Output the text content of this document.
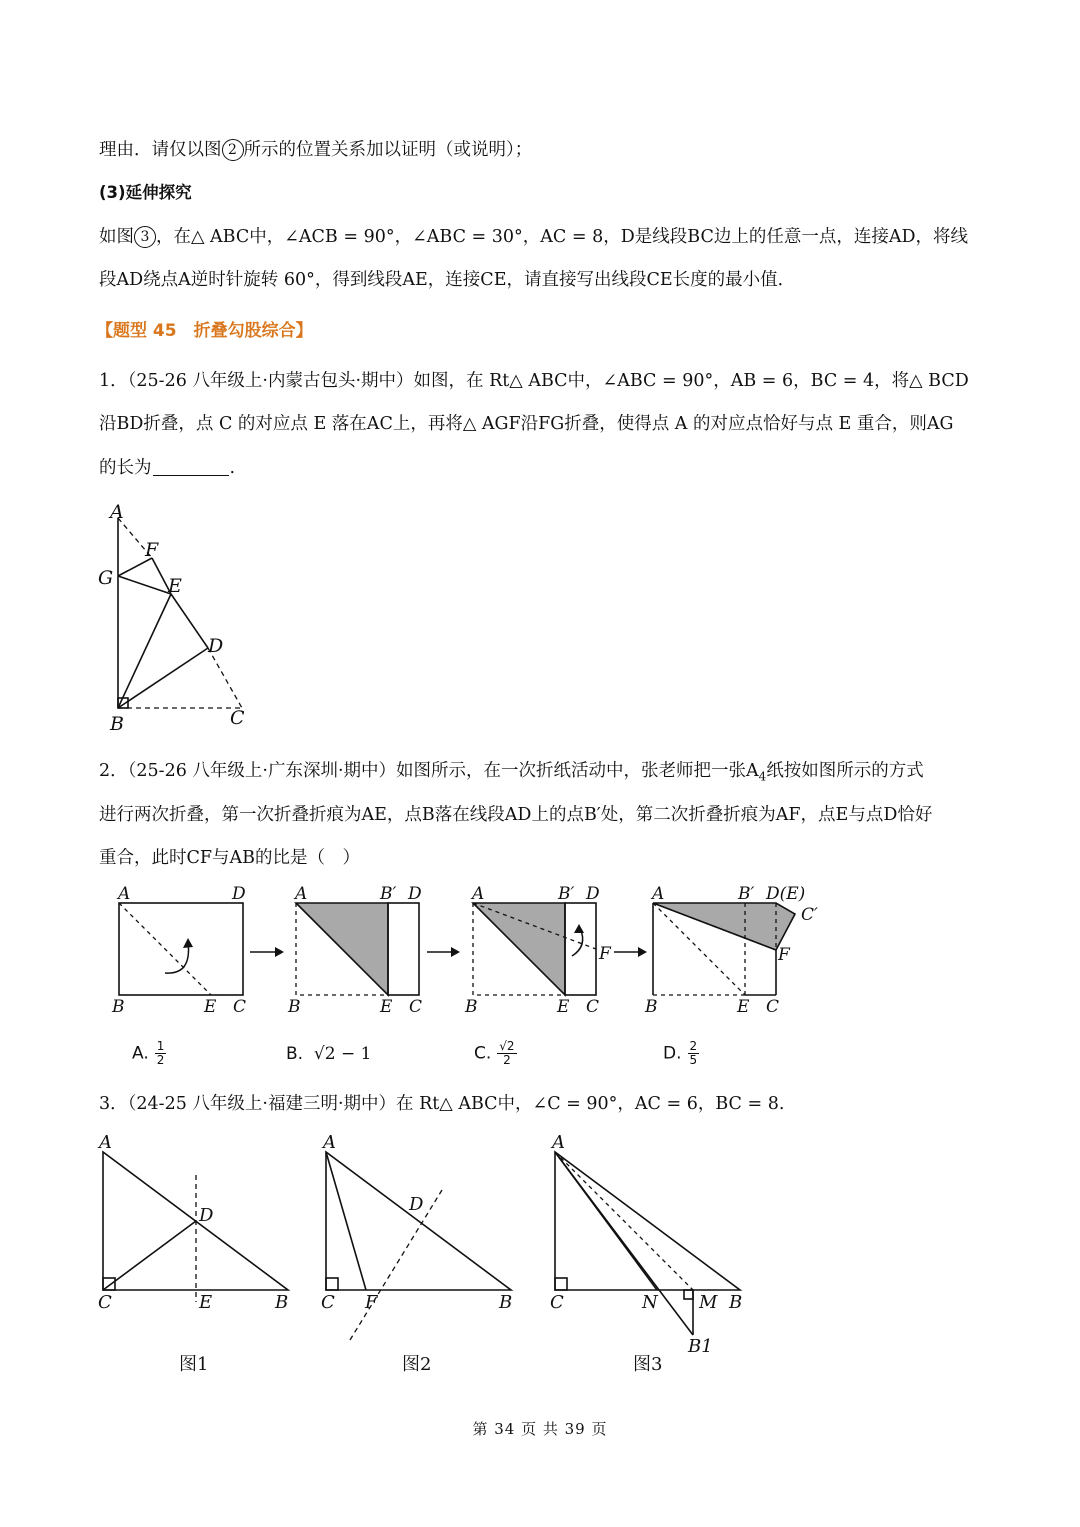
理由．请仅以图 2 所示的位置关系加以证明（或说明）；
(3)延伸探究
如图 3 ，在△ ABC中，∠ACB = 90°，∠ABC = 30°，AC = 8，D是线段BC边上的任意一点，连接AD，将线
段AD绕点A逆时针旋转 60°，得到线段AE，连接CE，请直接写出线段CE长度的最小值．
【题型 45　折叠勾股综合】
1．（25-26 八年级上·内蒙古包头·期中）如图，在 Rt△ ABC中，∠ABC = 90°，AB = 6，BC = 4，将△ BCD
沿BD折叠，点 C 的对应点 E 落在AC上，再将△ AGF沿FG折叠，使得点 A 的对应点恰好与点 E 重合，则AG
的长为	.
A
F
G	E
D
B	C
2．（25-26 八年级上·广东深圳·期中）如图所示，在一次折纸活动中，张老师把一张$A_4$纸按如图所示的方式
进行两次折叠，第一次折叠折痕为AE，点B落在线段AD上的点B′处，第二次折叠折痕为AF，点E与点D恰好
重合，此时CF与AB的比是（　）
A	D
B	E C
A	B′ D
B	E C
A	B′ D
F
B	E C
A	B′ D(E)
C′
F
B	E C
A. $\frac{1}{2}$	B. √2 − 1	C. $\frac{√2}{2}$	D. $\frac{2}{5}$
3．（24-25 八年级上·福建三明·期中）在 Rt△ ABC中，∠C = 90°，AC = 6，BC = 8.
A
D
C	E	B
A
D
C F	B
A
C	N M B
B1
图1	图2	图3
第 34 页 共 39 页
